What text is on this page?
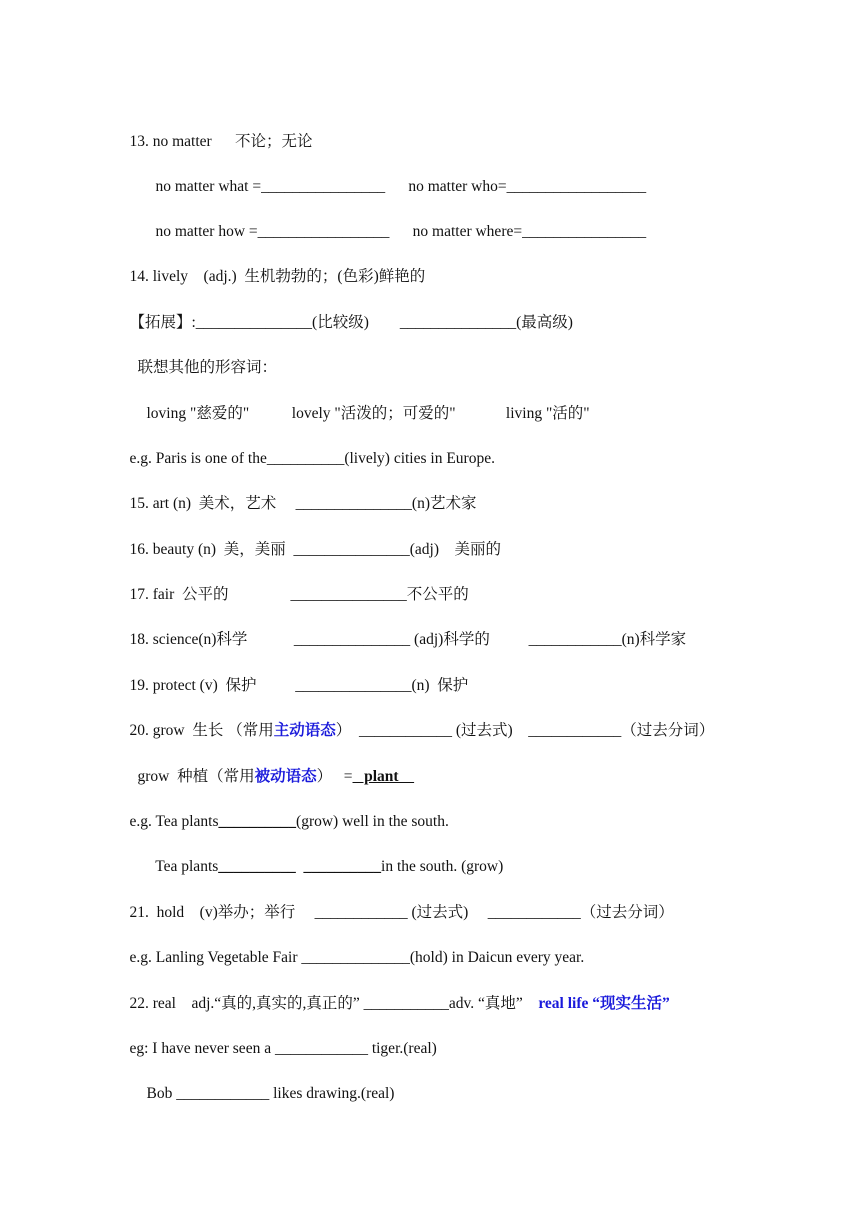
13. no matter      不论；无论

no matter what =________________      no matter who=__________________

no matter how =_________________      no matter where=________________

14. lively    (adj.)  生机勃勃的；(色彩)鲜艳的

【拓展】:_______________(比较级)        _______________(最高级)

联想其他的形容词：

loving "慈爱的"           lovely "活泼的；可爱的"             living "活的"

e.g. Paris is one of the__________(lively) cities in Europe.

15. art (n)  美术，艺术     _______________(n)艺术家

16. beauty (n)  美，美丽  _______________(adj)    美丽的

17. fair  公平的                _______________不公平的

18. science(n)科学            _______________ (adj)科学的          ____________(n)科学家

19. protect (v)  保护          _______________(n)  保护

20. grow  生长 （常用主动语态）  ____________ (过去式)    ____________（过去分词）

grow  种植（常用被动语态）   =   plant

e.g. Tea plants__________(grow) well in the south.

Tea plants__________  __________in the south. (grow)

21.  hold    (v)举办；举行     ____________ (过去式)     ____________（过去分词）

e.g. Lanling Vegetable Fair ______________(hold) in Daicun every year.

22. real    adj.“真的,真实的,真正的” ___________adv. “真地”    real life “现实生活”

eg: I have never seen a ____________ tiger.(real)

Bob ____________ likes drawing.(real)
